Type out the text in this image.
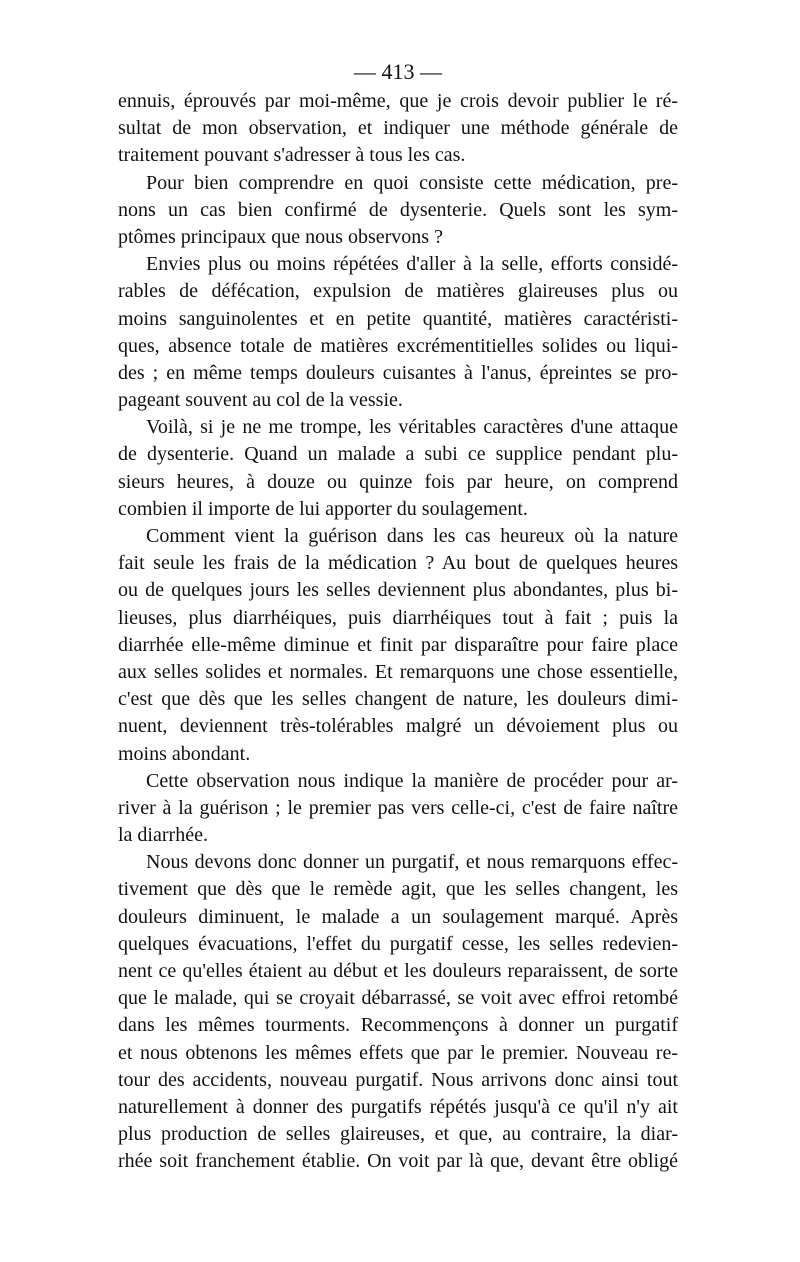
— 413 —
ennuis, éprouvés par moi-même, que je crois devoir publier le ré-
sultat de mon observation, et indiquer une méthode générale de
traitement pouvant s'adresser à tous les cas.
Pour bien comprendre en quoi consiste cette médication, pre-
nons un cas bien confirmé de dysenterie. Quels sont les sym-
ptômes principaux que nous observons ?
Envies plus ou moins répétées d'aller à la selle, efforts considé-
rables de défécation, expulsion de matières glaireuses plus ou
moins sanguinolentes et en petite quantité, matières caractéristi-
ques, absence totale de matières excrémentitielles solides ou liqui-
des ; en même temps douleurs cuisantes à l'anus, épreintes se pro-
pageant souvent au col de la vessie.
Voilà, si je ne me trompe, les véritables caractères d'une attaque
de dysenterie. Quand un malade a subi ce supplice pendant plu-
sieurs heures, à douze ou quinze fois par heure, on comprend
combien il importe de lui apporter du soulagement.
Comment vient la guérison dans les cas heureux où la nature
fait seule les frais de la médication ? Au bout de quelques heures
ou de quelques jours les selles deviennent plus abondantes, plus bi-
lieuses, plus diarrhéiques, puis diarrhéiques tout à fait ; puis la
diarrhée elle-même diminue et finit par disparaître pour faire place
aux selles solides et normales. Et remarquons une chose essentielle,
c'est que dès que les selles changent de nature, les douleurs dimi-
nuent, deviennent très-tolérables malgré un dévoiement plus ou
moins abondant.
Cette observation nous indique la manière de procéder pour ar-
river à la guérison ; le premier pas vers celle-ci, c'est de faire naître
la diarrhée.
Nous devons donc donner un purgatif, et nous remarquons effec-
tivement que dès que le remède agit, que les selles changent, les
douleurs diminuent, le malade a un soulagement marqué. Après
quelques évacuations, l'effet du purgatif cesse, les selles redevien-
nent ce qu'elles étaient au début et les douleurs reparaissent, de sorte
que le malade, qui se croyait débarrassé, se voit avec effroi retombé
dans les mêmes tourments. Recommençons à donner un purgatif
et nous obtenons les mêmes effets que par le premier. Nouveau re-
tour des accidents, nouveau purgatif. Nous arrivons donc ainsi tout
naturellement à donner des purgatifs répétés jusqu'à ce qu'il n'y ait
plus production de selles glaireuses, et que, au contraire, la diar-
rhée soit franchement établie. On voit par là que, devant être obligé
